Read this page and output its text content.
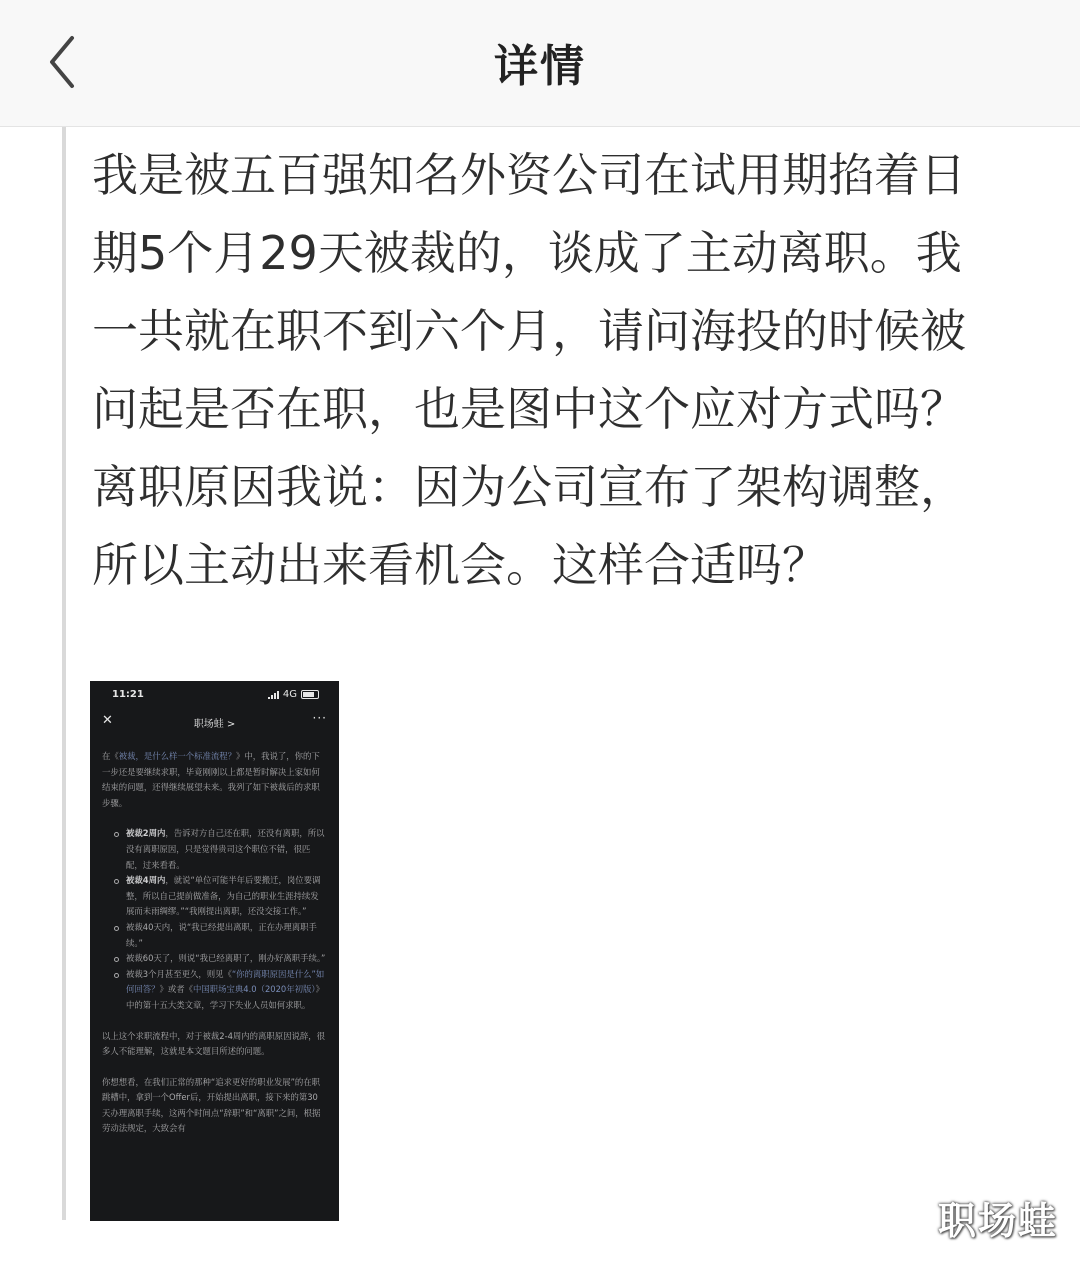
详情

我是被五百强知名外资公司在试用期掐着日期5个月29天被裁的，谈成了主动离职。我一共就在职不到六个月，请问海投的时候被问起是否在职，也是图中这个应对方式吗？

离职原因我说：因为公司宣布了架构调整，所以主动出来看机会。这样合适吗？

11:21	4G
✕	职场蛙 >	···

在《被裁，是什么样一个标准流程？》中，我说了，你的下一步还是要继续求职，毕竟刚刚以上都是暂时解决上家如何结束的问题，还得继续展望未来。我列了如下被裁后的求职步骤。

被裁2周内，告诉对方自己还在职，还没有离职，所以没有离职原因，只是觉得贵司这个职位不错，很匹配，过来看看。
被裁4周内，就说“单位可能半年后要搬迁，岗位要调整，所以自己提前做准备，为自己的职业生涯持续发展而未雨绸缪。”“我刚提出离职，还没交接工作。”
被裁40天内，说“我已经提出离职，正在办理离职手续。”
被裁60天了，则说“我已经离职了，刚办好离职手续。”
被裁3个月甚至更久，则见《“你的离职原因是什么”如何回答？》或者《中国职场宝典4.0（2020年初版）》中的第十五大类文章，学习下失业人员如何求职。

以上这个求职流程中，对于被裁2-4周内的离职原因说辞，很多人不能理解，这就是本文题目所述的问题。

你想想看，在我们正常的那种“追求更好的职业发展”的在职跳槽中，拿到一个Offer后，开始提出离职，接下来的第30天办理离职手续，这两个时间点“辞职”和“离职”之间，根据劳动法规定，大致会有

职场蛙
